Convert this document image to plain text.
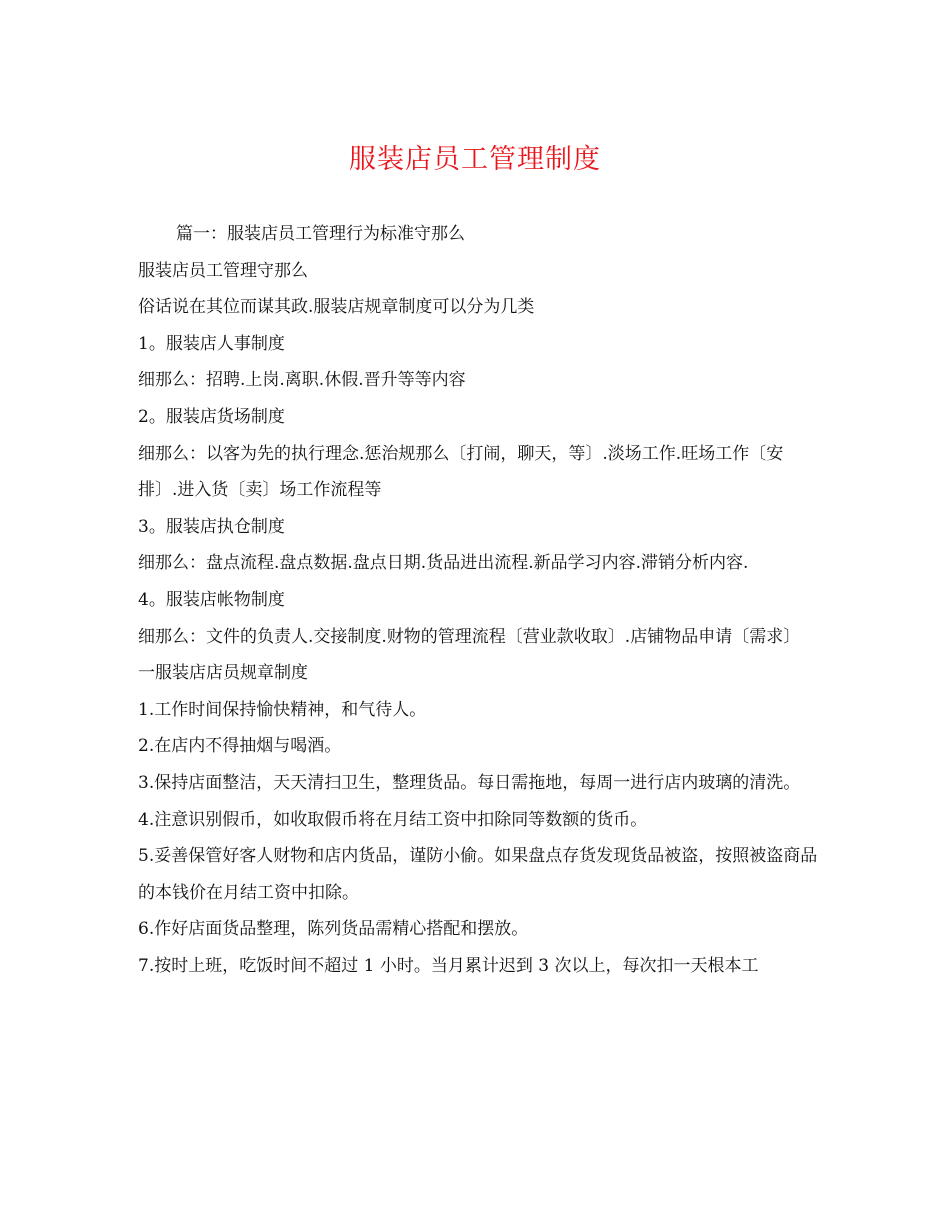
服装店员工管理制度

篇一：服装店员工管理行为标准守那么

服装店员工管理守那么

俗话说在其位而谋其政.服装店规章制度可以分为几类

1。服装店人事制度

细那么：招聘.上岗.离职.休假.晋升等等内容

2。服装店货场制度

细那么：以客为先的执行理念.惩治规那么〔打闹，聊天，等〕.淡场工作.旺场工作〔安排〕.进入货〔卖〕场工作流程等

3。服装店执仓制度

细那么：盘点流程.盘点数据.盘点日期.货品进出流程.新品学习内容.滞销分析内容.

4。服装店帐物制度

细那么：文件的负责人.交接制度.财物的管理流程〔营业款收取〕.店铺物品申请〔需求〕

一服装店店员规章制度

1.工作时间保持愉快精神，和气待人。

2.在店内不得抽烟与喝酒。

3.保持店面整洁，天天清扫卫生，整理货品。每日需拖地，每周一进行店内玻璃的清洗。

4.注意识别假币，如收取假币将在月结工资中扣除同等数额的货币。

5.妥善保管好客人财物和店内货品，谨防小偷。如果盘点存货发现货品被盗，按照被盗商品的本钱价在月结工资中扣除。

6.作好店面货品整理，陈列货品需精心搭配和摆放。

7.按时上班，吃饭时间不超过 1 小时。当月累计迟到 3 次以上，每次扣一天根本工
